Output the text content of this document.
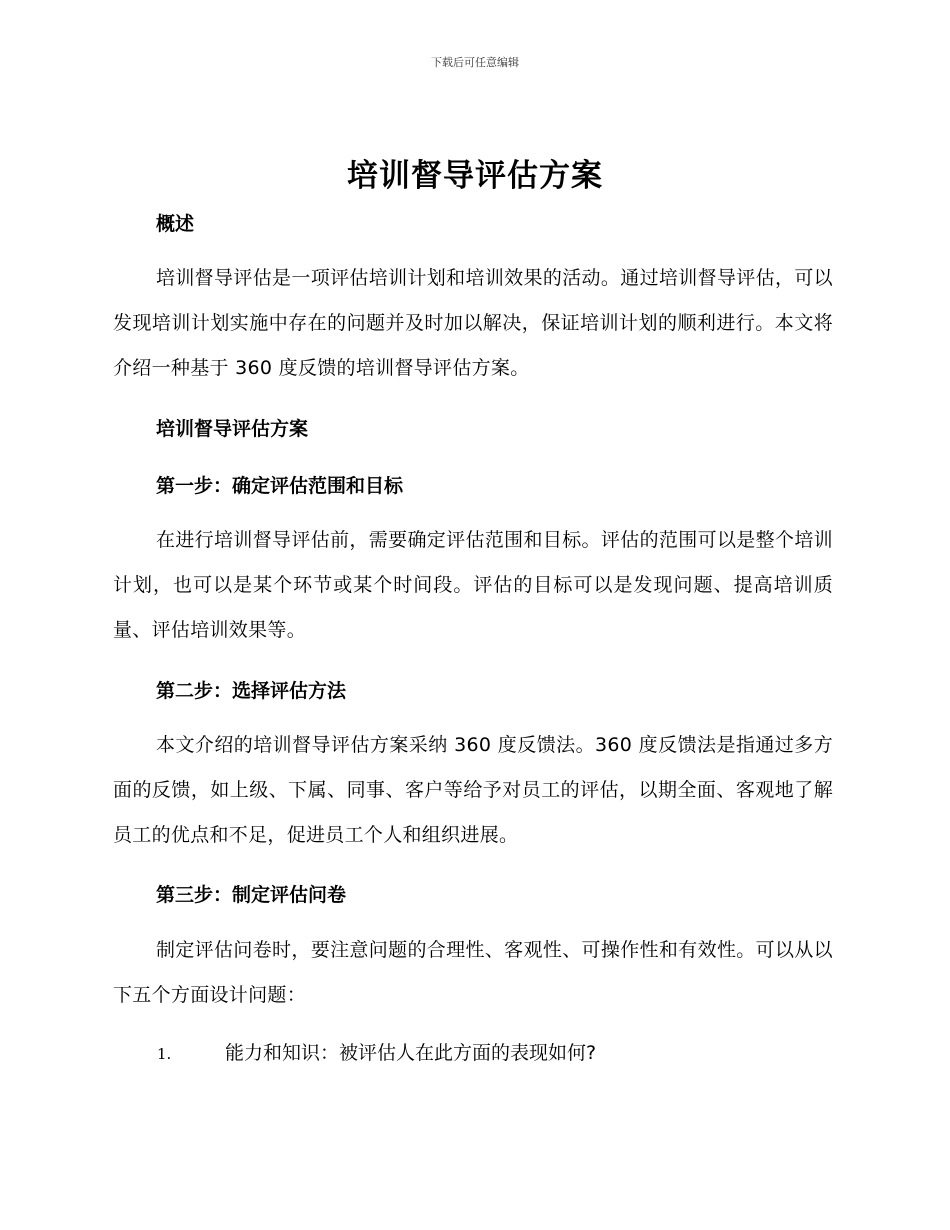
下载后可任意编辑
培训督导评估方案
概述
培训督导评估是一项评估培训计划和培训效果的活动。通过培训督导评估，可以发现培训计划实施中存在的问题并及时加以解决，保证培训计划的顺利进行。本文将介绍一种基于 360 度反馈的培训督导评估方案。
培训督导评估方案
第一步：确定评估范围和目标
在进行培训督导评估前，需要确定评估范围和目标。评估的范围可以是整个培训计划，也可以是某个环节或某个时间段。评估的目标可以是发现问题、提高培训质量、评估培训效果等。
第二步：选择评估方法
本文介绍的培训督导评估方案采纳 360 度反馈法。360 度反馈法是指通过多方面的反馈，如上级、下属、同事、客户等给予对员工的评估，以期全面、客观地了解员工的优点和不足，促进员工个人和组织进展。
第三步：制定评估问卷
制定评估问卷时，要注意问题的合理性、客观性、可操作性和有效性。可以从以下五个方面设计问题：
1.	能力和知识：被评估人在此方面的表现如何?
